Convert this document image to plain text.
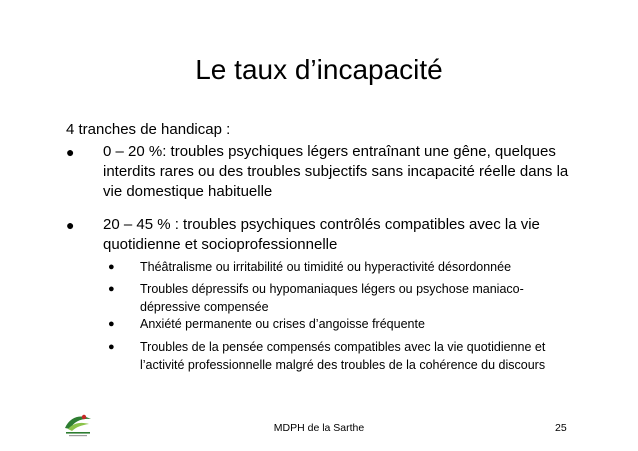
Le taux d’incapacité
4 tranches de handicap :
●	0 – 20 %: troubles psychiques légers entraînant une gêne, quelques interdits rares ou des troubles subjectifs sans incapacité réelle dans la vie domestique habituelle
●	20 – 45 % : troubles psychiques contrôlés compatibles avec la vie quotidienne et socioprofessionnelle
●	Théâtralisme ou irritabilité ou timidité ou hyperactivité désordonnée
●	Troubles dépressifs ou hypomaniaques légers ou psychose maniaco-dépressive compensée
●	Anxiété permanente ou crises d’angoisse fréquente
●	Troubles de la pensée compensés compatibles avec la vie quotidienne et l’activité professionnelle malgré des troubles de la cohérence du discours
MDPH de la Sarthe	25
